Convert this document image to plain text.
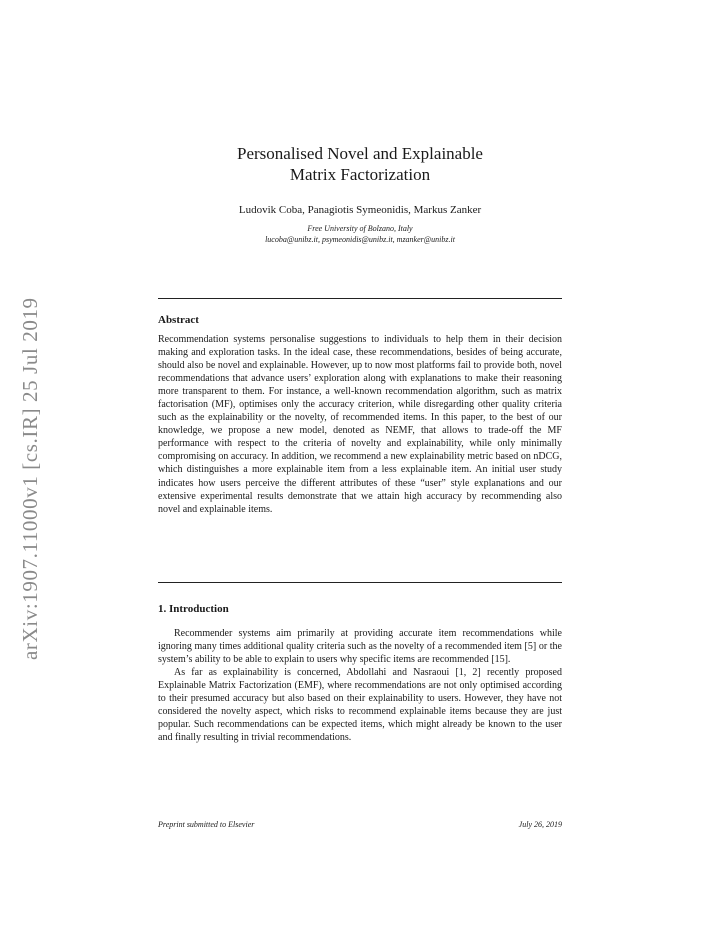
arXiv:1907.11000v1 [cs.IR] 25 Jul 2019
Personalised Novel and Explainable
Matrix Factorization
Ludovik Coba, Panagiotis Symeonidis, Markus Zanker
Free University of Bolzano, Italy
lucoba@unibz.it, psymeonidis@unibz.it, mzanker@unibz.it
Abstract
Recommendation systems personalise suggestions to individuals to help them in their decision making and exploration tasks. In the ideal case, these recommendations, besides of being accurate, should also be novel and explainable. However, up to now most platforms fail to provide both, novel recommendations that advance users’ exploration along with explanations to make their reasoning more transparent to them. For instance, a well-known recommendation algorithm, such as matrix factorisation (MF), optimises only the accuracy criterion, while disregarding other quality criteria such as the explainability or the novelty, of recommended items. In this paper, to the best of our knowledge, we propose a new model, denoted as NEMF, that allows to trade-off the MF performance with respect to the criteria of novelty and explainability, while only minimally compromising on accuracy. In addition, we recommend a new explainability metric based on nDCG, which distinguishes a more explainable item from a less explainable item. An initial user study indicates how users perceive the different attributes of these “user” style explanations and our extensive experimental results demonstrate that we attain high accuracy by recommending also novel and explainable items.
1. Introduction

Recommender systems aim primarily at providing accurate item recommendations while ignoring many times additional quality criteria such as the novelty of a recommended item [5] or the system’s ability to be able to explain to users why specific items are recommended [15].

As far as explainability is concerned, Abdollahi and Nasraoui [1, 2] recently proposed Explainable Matrix Factorization (EMF), where recommendations are not only optimised according to their presumed accuracy but also based on their explainability to users. However, they have not considered the novelty aspect, which risks to recommend explainable items because they are just popular. Such recommendations can be expected items, which might already be known to the user and finally resulting in trivial recommendations.

Preprint submitted to Elsevier	July 26, 2019
